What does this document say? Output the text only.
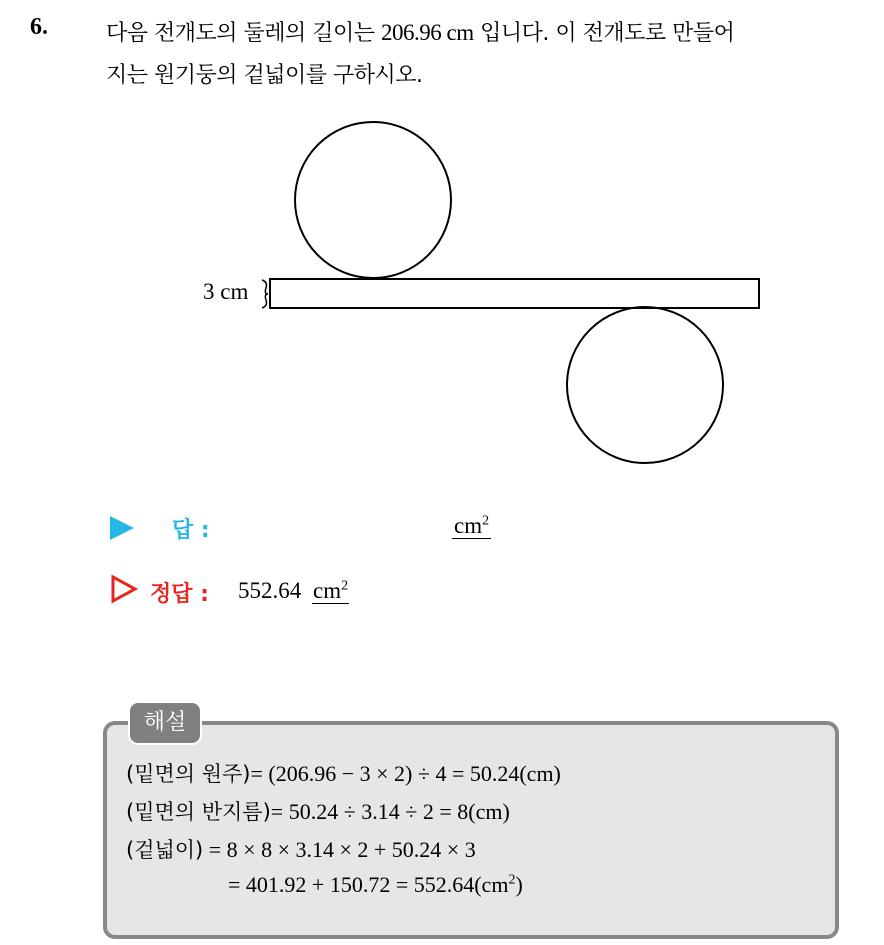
6.	다음 전개도의 둘레의 길이는 206.96 cm 입니다. 이 전개도로 만들어
지는 원기둥의 겉넓이를 구하시오.
3 cm
답 :	$cm^2$
정답 : 552.64 $cm^2$
해설
(밑면의 원주)= (206.96 − 3 × 2) ÷ 4 = 50.24(cm)
(밑면의 반지름)= 50.24 ÷ 3.14 ÷ 2 = 8(cm)
(겉넓이) = 8 × 8 × 3.14 × 2 + 50.24 × 3
= $401.92 + 150.72 = 552.64(cm^2)$
